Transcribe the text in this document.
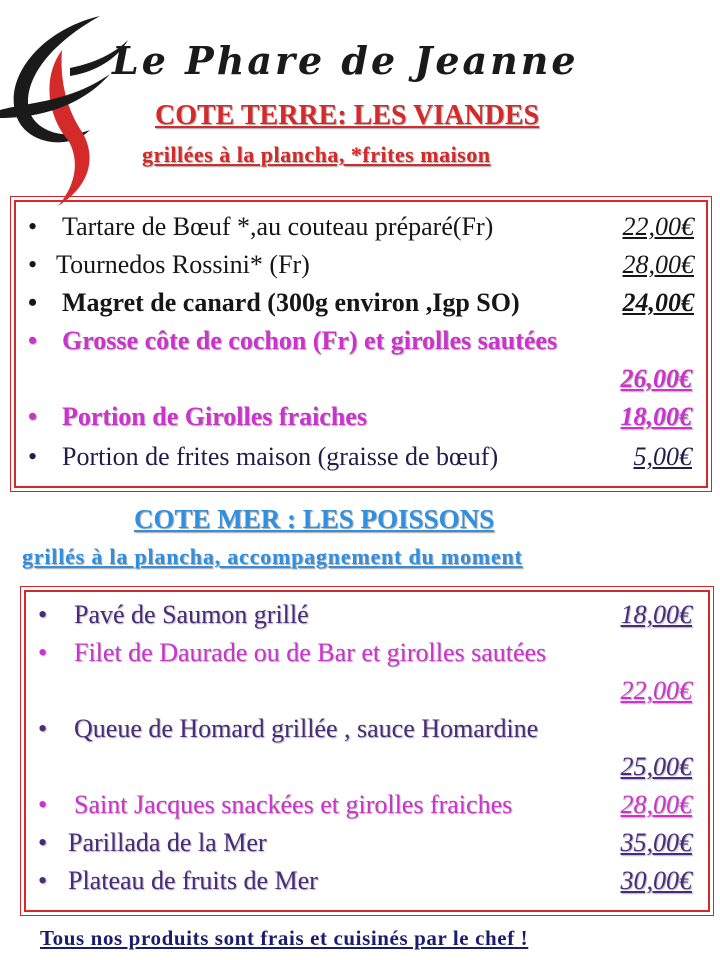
Le Phare de Jeanne
COTE TERRE: LES VIANDES
grillées à la plancha, *frites maison
• Tartare de Bœuf *,au couteau préparé(Fr)	22,00€
• Tournedos Rossini* (Fr)	28,00€
• Magret de canard (300g environ ,Igp SO)	24,00€
• Grosse côte de cochon (Fr) et girolles sautées
26,00€
• Portion de Girolles fraiches	18,00€
• Portion de frites maison (graisse de bœuf)	5,00€
COTE MER : LES POISSONS
grillés à la plancha, accompagnement du moment
• Pavé de Saumon grillé	18,00€
• Filet de Daurade ou de Bar et girolles sautées
22,00€
• Queue de Homard grillée , sauce Homardine
25,00€
• Saint Jacques snackées et girolles fraiches	28,00€
• Parillada de la Mer	35,00€
• Plateau de fruits de Mer	30,00€
Tous nos produits sont frais et cuisinés par le chef !
